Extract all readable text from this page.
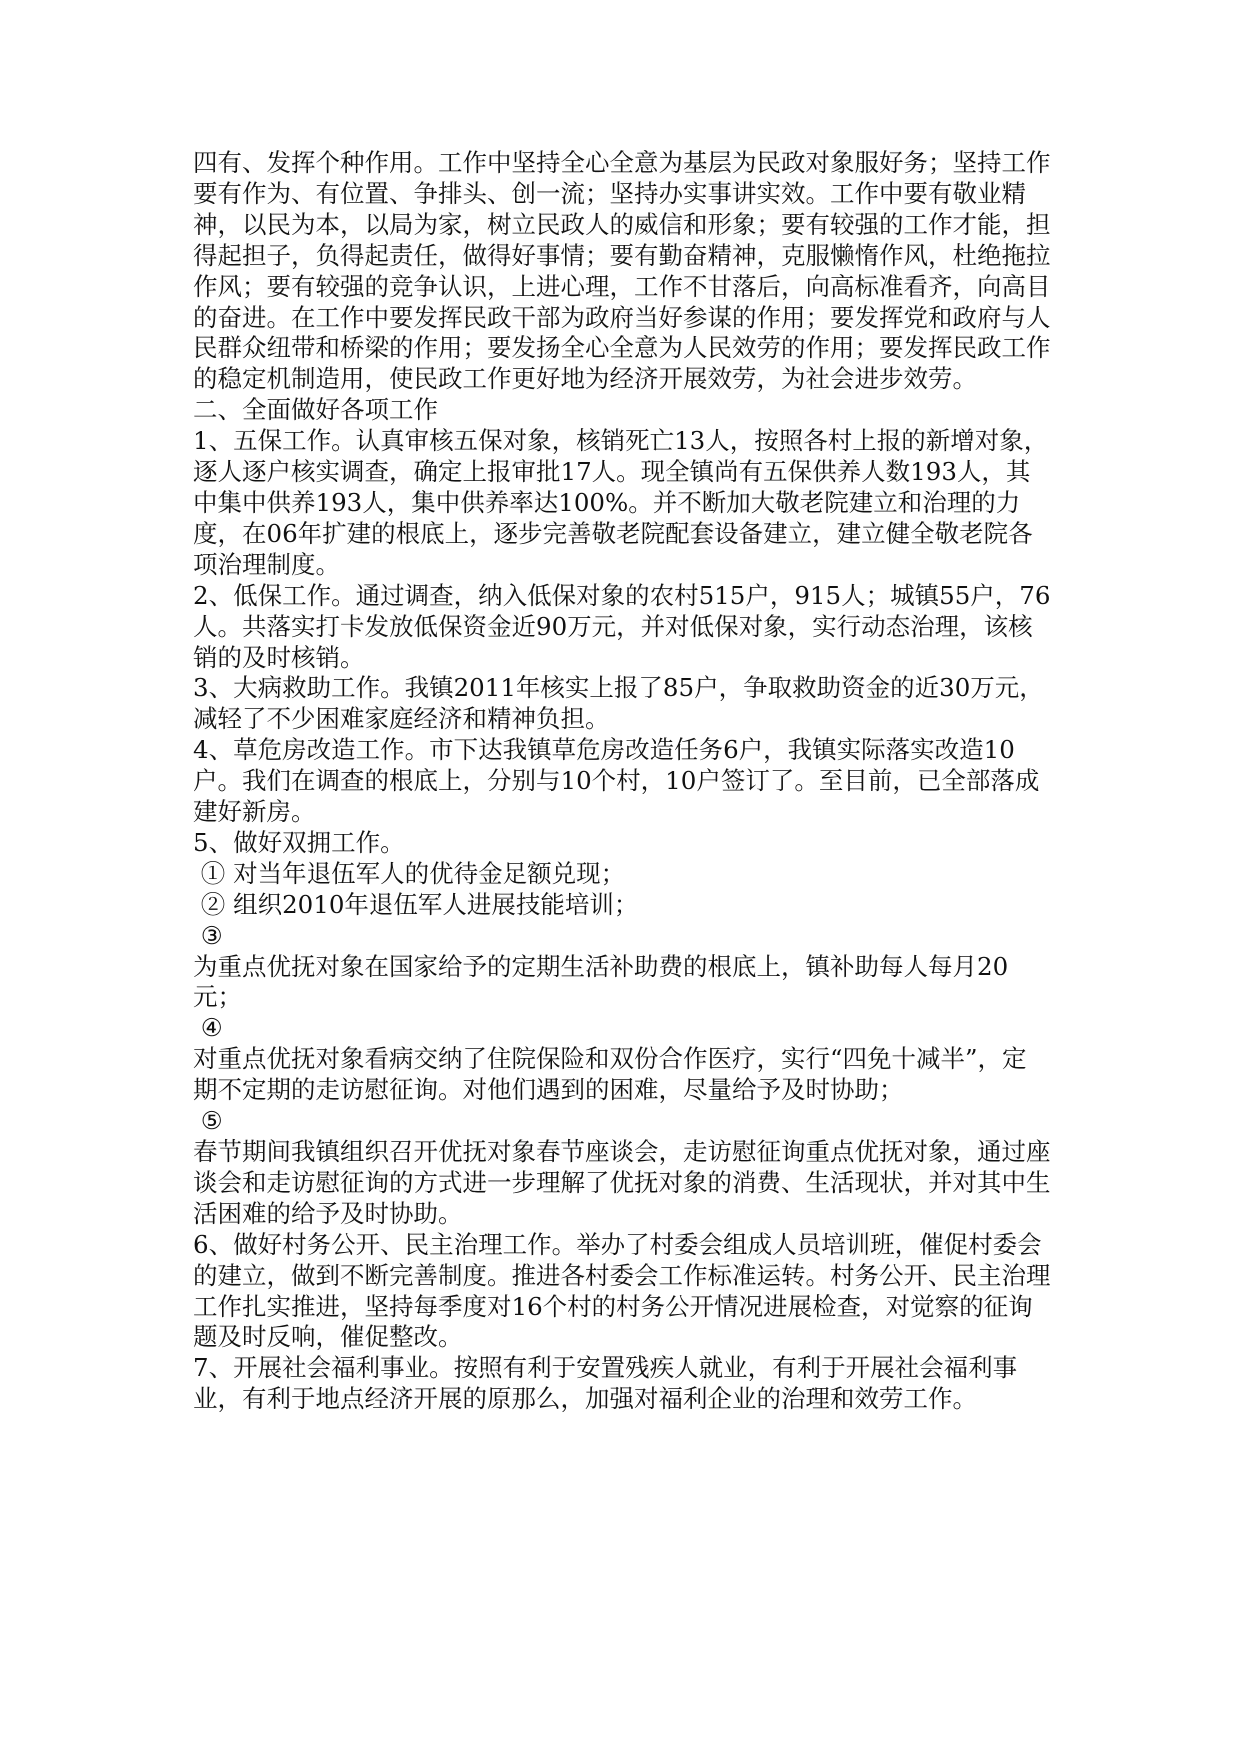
四有、发挥个种作用。工作中坚持全心全意为基层为民政对象服好务；坚持工作要有作为、有位置、争排头、创一流；坚持办实事讲实效。工作中要有敬业精神，以民为本，以局为家，树立民政人的威信和形象；要有较强的工作才能，担得起担子，负得起责任，做得好事情；要有勤奋精神，克服懒惰作风，杜绝拖拉作风；要有较强的竞争认识，上进心理，工作不甘落后，向高标准看齐，向高目的奋进。在工作中要发挥民政干部为政府当好参谋的作用；要发挥党和政府与人民群众纽带和桥梁的作用；要发扬全心全意为人民效劳的作用；要发挥民政工作的稳定机制造用，使民政工作更好地为经济开展效劳，为社会进步效劳。

二、全面做好各项工作

1、五保工作。认真审核五保对象，核销死亡13人，按照各村上报的新增对象，逐人逐户核实调查，确定上报审批17人。现全镇尚有五保供养人数193人，其中集中供养193人，集中供养率达100%。并不断加大敬老院建立和治理的力度，在06年扩建的根底上，逐步完善敬老院配套设备建立，建立健全敬老院各项治理制度。

2、低保工作。通过调查，纳入低保对象的农村515户，915人；城镇55户，76人。共落实打卡发放低保资金近90万元，并对低保对象，实行动态治理，该核销的及时核销。

3、大病救助工作。我镇2011年核实上报了85户，争取救助资金的近30万元，减轻了不少困难家庭经济和精神负担。

4、草危房改造工作。市下达我镇草危房改造任务6户，我镇实际落实改造10户。我们在调查的根底上，分别与10个村，10户签订了。至目前，已全部落成建好新房。

5、做好双拥工作。

① 对当年退伍军人的优待金足额兑现；

② 组织2010年退伍军人进展技能培训；

③

为重点优抚对象在国家给予的定期生活补助费的根底上，镇补助每人每月20元；

④

对重点优抚对象看病交纳了住院保险和双份合作医疗，实行“四免十减半”，定期不定期的走访慰征询。对他们遇到的困难，尽量给予及时协助；

⑤

春节期间我镇组织召开优抚对象春节座谈会，走访慰征询重点优抚对象，通过座谈会和走访慰征询的方式进一步理解了优抚对象的消费、生活现状，并对其中生活困难的给予及时协助。

6、做好村务公开、民主治理工作。举办了村委会组成人员培训班，催促村委会的建立，做到不断完善制度。推进各村委会工作标准运转。村务公开、民主治理工作扎实推进，坚持每季度对16个村的村务公开情况进展检查，对觉察的征询题及时反响，催促整改。

7、开展社会福利事业。按照有利于安置残疾人就业，有利于开展社会福利事业，有利于地点经济开展的原那么，加强对福利企业的治理和效劳工作。
